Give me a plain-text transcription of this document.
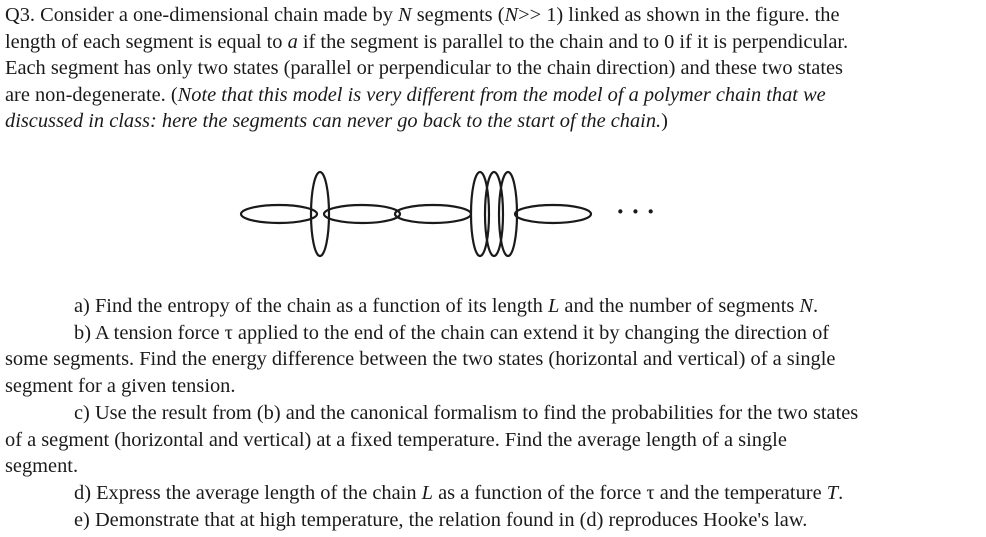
Q3. Consider a one-dimensional chain made by N segments (N>> 1) linked as shown in the figure. the
length of each segment is equal to a if the segment is parallel to the chain and to 0 if it is perpendicular.
Each segment has only two states (parallel or perpendicular to the chain direction) and these two states
are non-degenerate. (Note that this model is very different from the model of a polymer chain that we
discussed in class: here the segments can never go back to the start of the chain.)
· · ·
a) Find the entropy of the chain as a function of its length L and the number of segments N.
b) A tension force τ applied to the end of the chain can extend it by changing the direction of
some segments. Find the energy difference between the two states (horizontal and vertical) of a single
segment for a given tension.
c) Use the result from (b) and the canonical formalism to find the probabilities for the two states
of a segment (horizontal and vertical) at a fixed temperature. Find the average length of a single
segment.
d) Express the average length of the chain L as a function of the force τ and the temperature T.
e) Demonstrate that at high temperature, the relation found in (d) reproduces Hooke's law.
